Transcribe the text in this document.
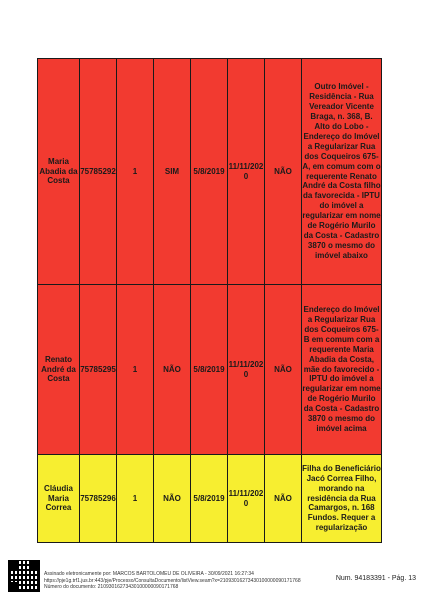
Maria Abadia da Costa	75785292	1	SIM	5/8/2019	11/11/2020	NÃO	Outro Imóvel - Residência - Rua Vereador Vicente Braga, n. 368, B. Alto do Lobo - Endereço do Imóvel a Regularizar Rua dos Coqueiros 675-A, em comum com o requerente Renato André da Costa filho da favorecida - IPTU do imóvel a regularizar em nome de Rogério Murilo da Costa - Cadastro 3870 o mesmo do imóvel abaixo
Renato André da Costa	75785295	1	NÃO	5/8/2019	11/11/2020	NÃO	Endereço do Imóvel a Regularizar Rua dos Coqueiros 675-B em comum com a requerente Maria Abadia da Costa, mãe do favorecido - IPTU do imóvel a regularizar em nome de Rogério Murilo da Costa - Cadastro 3870 o mesmo do imóvel acima
Cláudia Maria Correa	75785296	1	NÃO	5/8/2019	11/11/2020	NÃO	Filha do Beneficiário Jacó Correa Filho, morando na residência da Rua Camargos, n. 168 Fundos. Requer a regularização
Assinado eletronicamente por: MARCOS BARTOLOMEU DE OLIVEIRA - 30/09/2021 16:27:34
https://pje1g.trf1.jus.br:443/pje/Processo/ConsultaDocumento/listView.seam?x=21093016273430100000090171768
Número do documento: 21093016273430100000090171768
Num. 94183391 - Pág. 13
